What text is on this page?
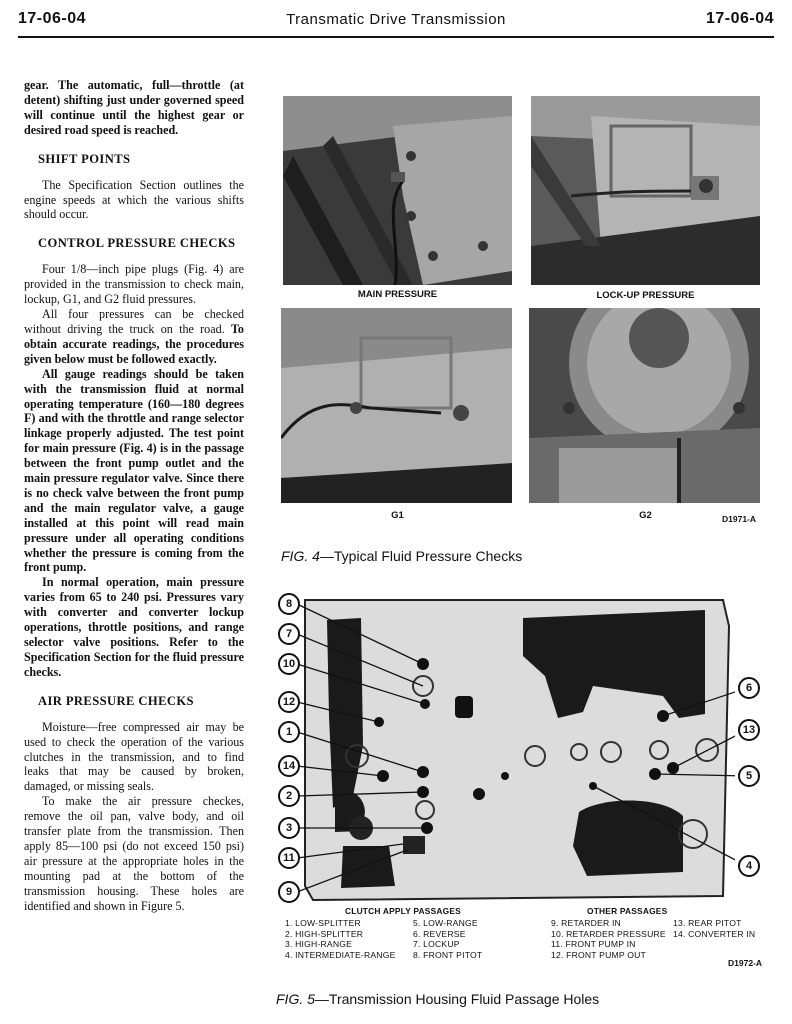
17-06-04	Transmatic Drive Transmission	17-06-04

gear. The automatic, full—throttle (at detent) shifting just under governed speed will continue until the highest gear or desired road speed is reached.

SHIFT POINTS

The Specification Section outlines the engine speeds at which the various shifts should occur.

CONTROL PRESSURE CHECKS

Four 1/8—inch pipe plugs (Fig. 4) are provided in the transmission to check main, lockup, G1, and G2 fluid pressures.

All four pressures can be checked without driving the truck on the road. To obtain accurate readings, the procedures given below must be followed exactly.

All gauge readings should be taken with the transmission fluid at normal operating temperature (160—180 degrees F) and with the throttle and range selector linkage properly adjusted. The test point for main pressure (Fig. 4) is in the passage between the front pump outlet and the main pressure regulator valve. Since there is no check valve between the front pump and the main regulator valve, a gauge installed at this point will read main pressure under all operating conditions whether the pressure is coming from the front pump.

In normal operation, main pressure varies from 65 to 240 psi. Pressures vary with converter and converter lockup operations, throttle positions, and range selector valve positions. Refer to the Specification Section for the fluid pressure checks.

AIR PRESSURE CHECKS

Moisture—free compressed air may be used to check the operation of the various clutches in the transmission, and to find leaks that may be caused by broken, damaged, or missing seals.

To make the air pressure checkes, remove the oil pan, valve body, and oil transfer plate from the transmission. Then apply 85—100 psi (do not exceed 150 psi) air pressure at the appropriate holes in the mounting pad at the bottom of the transmission housing. These holes are identified and shown in Figure 5.

MAIN PRESSURE	LOCK-UP PRESSURE
G1	G2	D1971-A
FIG. 4—Typical Fluid Pressure Checks
8
7
10
12
1
14
2
3
11
9
6
13
5
4
CLUTCH APPLY PASSAGES	OTHER PASSAGES
1. LOW-SPLITTER
2. HIGH-SPLITTER
3. HIGH-RANGE
4. INTERMEDIATE-RANGE
5. LOW-RANGE
6. REVERSE
7. LOCKUP
8. FRONT PITOT
9. RETARDER IN
10. RETARDER PRESSURE
11. FRONT PUMP IN
12. FRONT PUMP OUT
13. REAR PITOT
14. CONVERTER IN
D1972-A
FIG. 5—Transmission Housing Fluid Passage Holes
